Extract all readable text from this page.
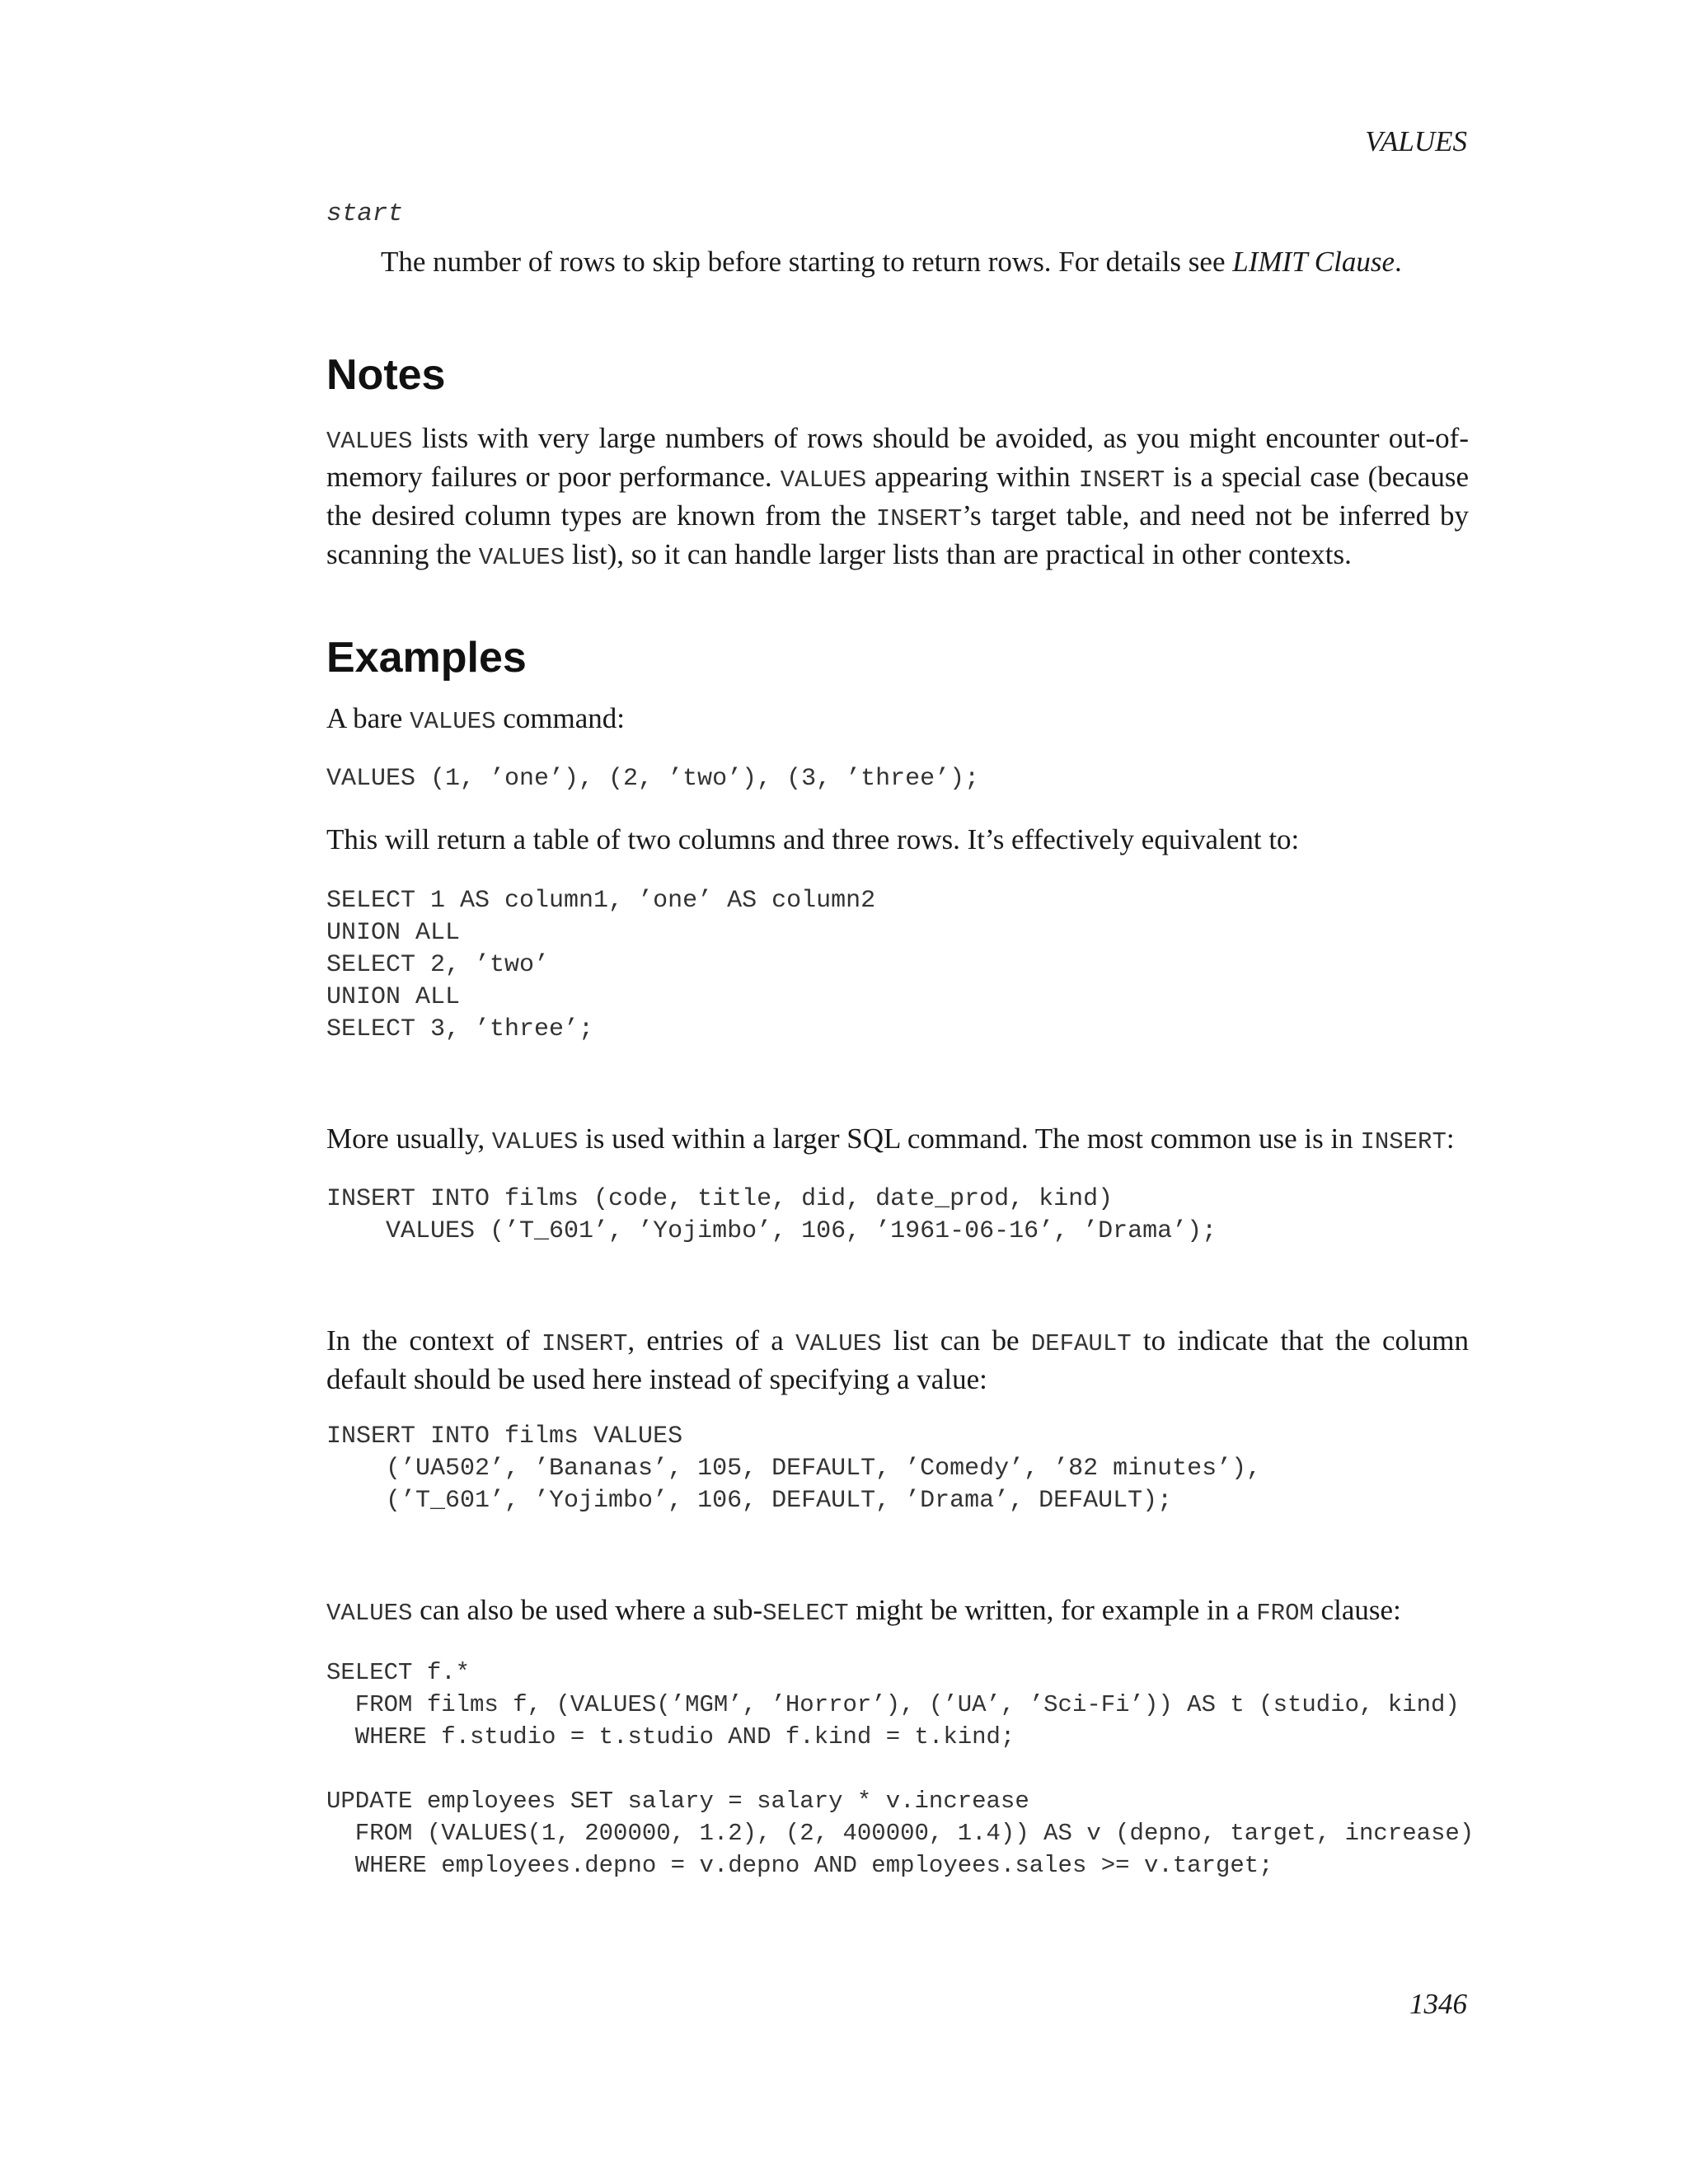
VALUES
start
The number of rows to skip before starting to return rows. For details see LIMIT Clause.
Notes
VALUES lists with very large numbers of rows should be avoided, as you might encounter out-of-memory failures or poor performance. VALUES appearing within INSERT is a special case (because the desired column types are known from the INSERT’s target table, and need not be inferred by scanning the VALUES list), so it can handle larger lists than are practical in other contexts.
Examples
A bare VALUES command:
VALUES (1, ’one’), (2, ’two’), (3, ’three’);
This will return a table of two columns and three rows. It’s effectively equivalent to:
SELECT 1 AS column1, ’one’ AS column2
UNION ALL
SELECT 2, ’two’
UNION ALL
SELECT 3, ’three’;
More usually, VALUES is used within a larger SQL command. The most common use is in INSERT:
INSERT INTO films (code, title, did, date_prod, kind)
VALUES (’T_601’, ’Yojimbo’, 106, ’1961-06-16’, ’Drama’);
In the context of INSERT, entries of a VALUES list can be DEFAULT to indicate that the column default should be used here instead of specifying a value:
INSERT INTO films VALUES
(’UA502’, ’Bananas’, 105, DEFAULT, ’Comedy’, ’82 minutes’),
(’T_601’, ’Yojimbo’, 106, DEFAULT, ’Drama’, DEFAULT);
VALUES can also be used where a sub-SELECT might be written, for example in a FROM clause:
SELECT f.*
FROM films f, (VALUES(’MGM’, ’Horror’), (’UA’, ’Sci-Fi’)) AS t (studio, kind)
WHERE f.studio = t.studio AND f.kind = t.kind;

UPDATE employees SET salary = salary * v.increase
FROM (VALUES(1, 200000, 1.2), (2, 400000, 1.4)) AS v (depno, target, increase)
WHERE employees.depno = v.depno AND employees.sales >= v.target;
1346
